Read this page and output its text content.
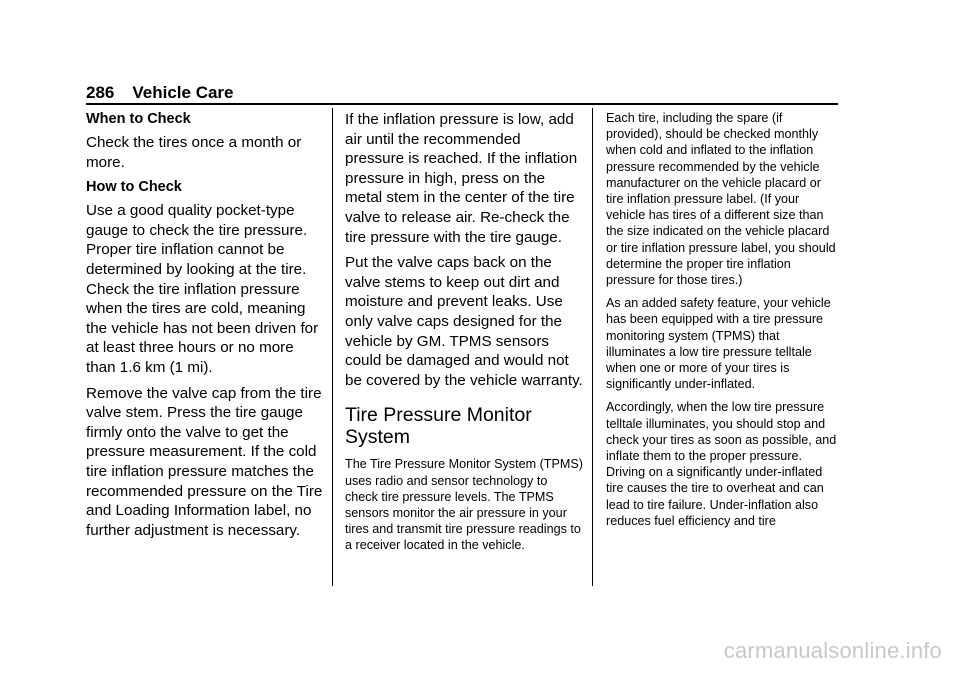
286 Vehicle Care
When to Check

Check the tires once a month or more.

How to Check

Use a good quality pocket-type gauge to check the tire pressure. Proper tire inflation cannot be determined by looking at the tire. Check the tire inflation pressure when the tires are cold, meaning the vehicle has not been driven for at least three hours or no more than 1.6 km (1 mi).

Remove the valve cap from the tire valve stem. Press the tire gauge firmly onto the valve to get the pressure measurement. If the cold tire inflation pressure matches the recommended pressure on the Tire and Loading Information label, no further adjustment is necessary.

If the inflation pressure is low, add air until the recommended pressure is reached. If the inflation pressure in high, press on the metal stem in the center of the tire valve to release air. Re-check the tire pressure with the tire gauge.

Put the valve caps back on the valve stems to keep out dirt and moisture and prevent leaks. Use only valve caps designed for the vehicle by GM. TPMS sensors could be damaged and would not be covered by the vehicle warranty.

Tire Pressure Monitor System

The Tire Pressure Monitor System (TPMS) uses radio and sensor technology to check tire pressure levels. The TPMS sensors monitor the air pressure in your tires and transmit tire pressure readings to a receiver located in the vehicle.

Each tire, including the spare (if provided), should be checked monthly when cold and inflated to the inflation pressure recommended by the vehicle manufacturer on the vehicle placard or tire inflation pressure label. (If your vehicle has tires of a different size than the size indicated on the vehicle placard or tire inflation pressure label, you should determine the proper tire inflation pressure for those tires.)

As an added safety feature, your vehicle has been equipped with a tire pressure monitoring system (TPMS) that illuminates a low tire pressure telltale when one or more of your tires is significantly under-inflated.

Accordingly, when the low tire pressure telltale illuminates, you should stop and check your tires as soon as possible, and inflate them to the proper pressure. Driving on a significantly under-inflated tire causes the tire to overheat and can lead to tire failure. Under-inflation also reduces fuel efficiency and tire

carmanualsonline.info
